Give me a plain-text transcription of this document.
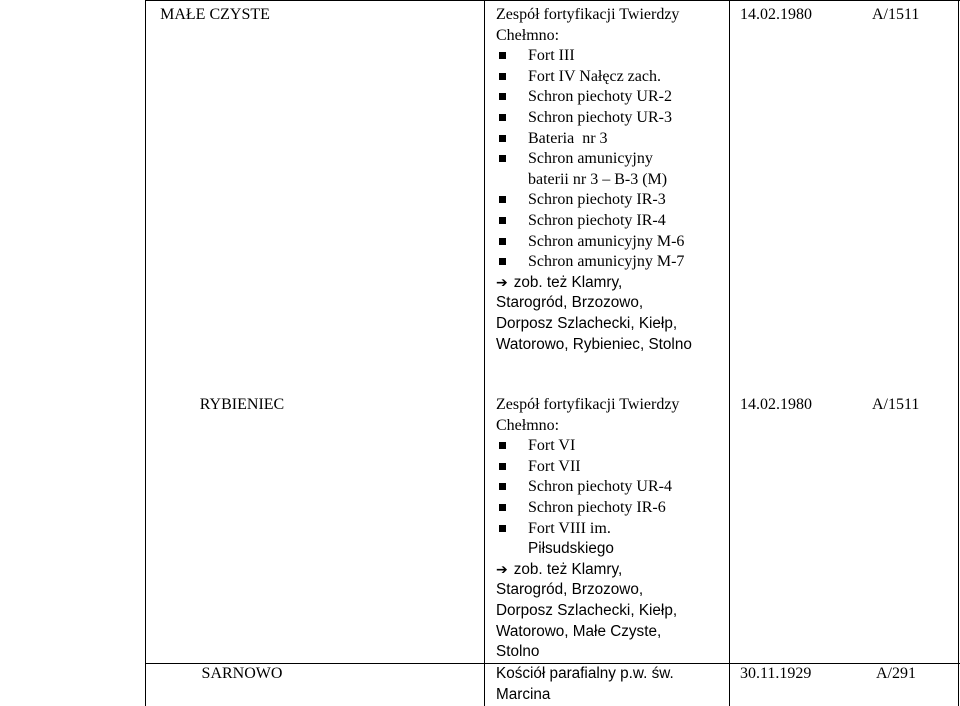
MAŁE CZYSTE	Zespół fortyfikacji Twierdzy Chełmno:
Fort III
Fort IV Nałęcz zach.
Schron piechoty UR-2
Schron piechoty UR-3
Bateria  nr 3
Schron amunicyjny
baterii nr 3 – B-3 (M)
Schron piechoty IR-3
Schron piechoty IR-4
Schron amunicyjny M-6
Schron amunicyjny M-7
➔ zob. też Klamry,
Starogród, Brzozowo,
Dorposz Szlachecki, Kiełp,
Watorowo, Rybieniec, Stolno
14.02.1980	A/1511
RYBIENIEC	Zespół fortyfikacji Twierdzy Chełmno:
Fort VI
Fort VII
Schron piechoty UR-4
Schron piechoty IR-6
Fort VIII im.
Piłsudskiego
➔ zob. też Klamry,
Starogród, Brzozowo,
Dorposz Szlachecki, Kiełp,
Watorowo, Małe Czyste,
Stolno
14.02.1980	A/1511
SARNOWO	Kościół parafialny p.w. św.
Marcina
30.11.1929	A/291
